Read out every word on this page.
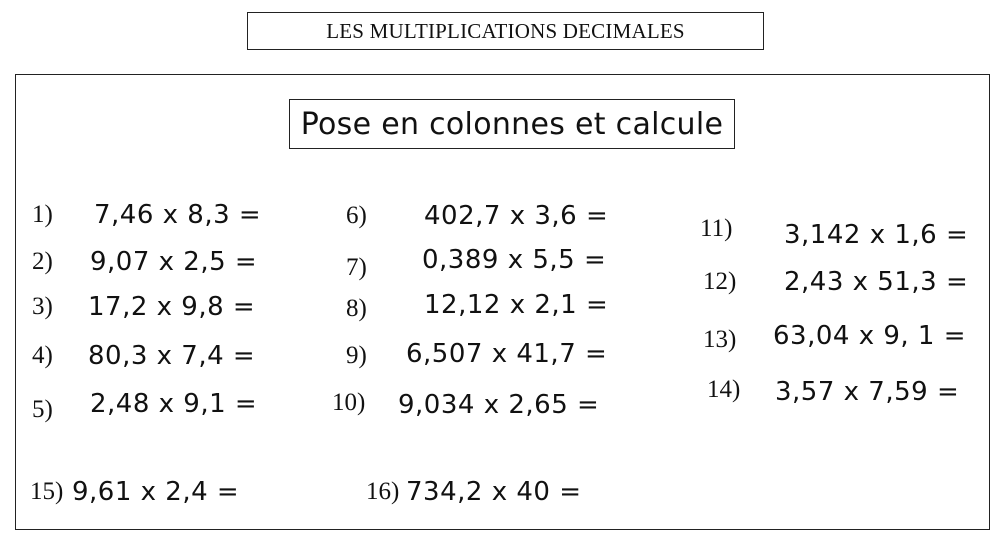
LES MULTIPLICATIONS DECIMALES
Pose en colonnes et calcule
1) 7,46 x 8,3 =
2) 9,07 x 2,5 =
3) 17,2 x 9,8 =
4) 80,3 x 7,4 =
5) 2,48 x 9,1 =
6) 402,7 x 3,6 =
7) 0,389 x 5,5 =
8) 12,12 x 2,1 =
9) 6,507 x 41,7 =
10) 9,034 x 2,65 =
11) 3,142 x 1,6 =
12) 2,43 x 51,3 =
13) 63,04 x 9, 1 =
14) 3,57 x 7,59 =
15) 9,61 x 2,4 =	16) 734,2 x 40 =
